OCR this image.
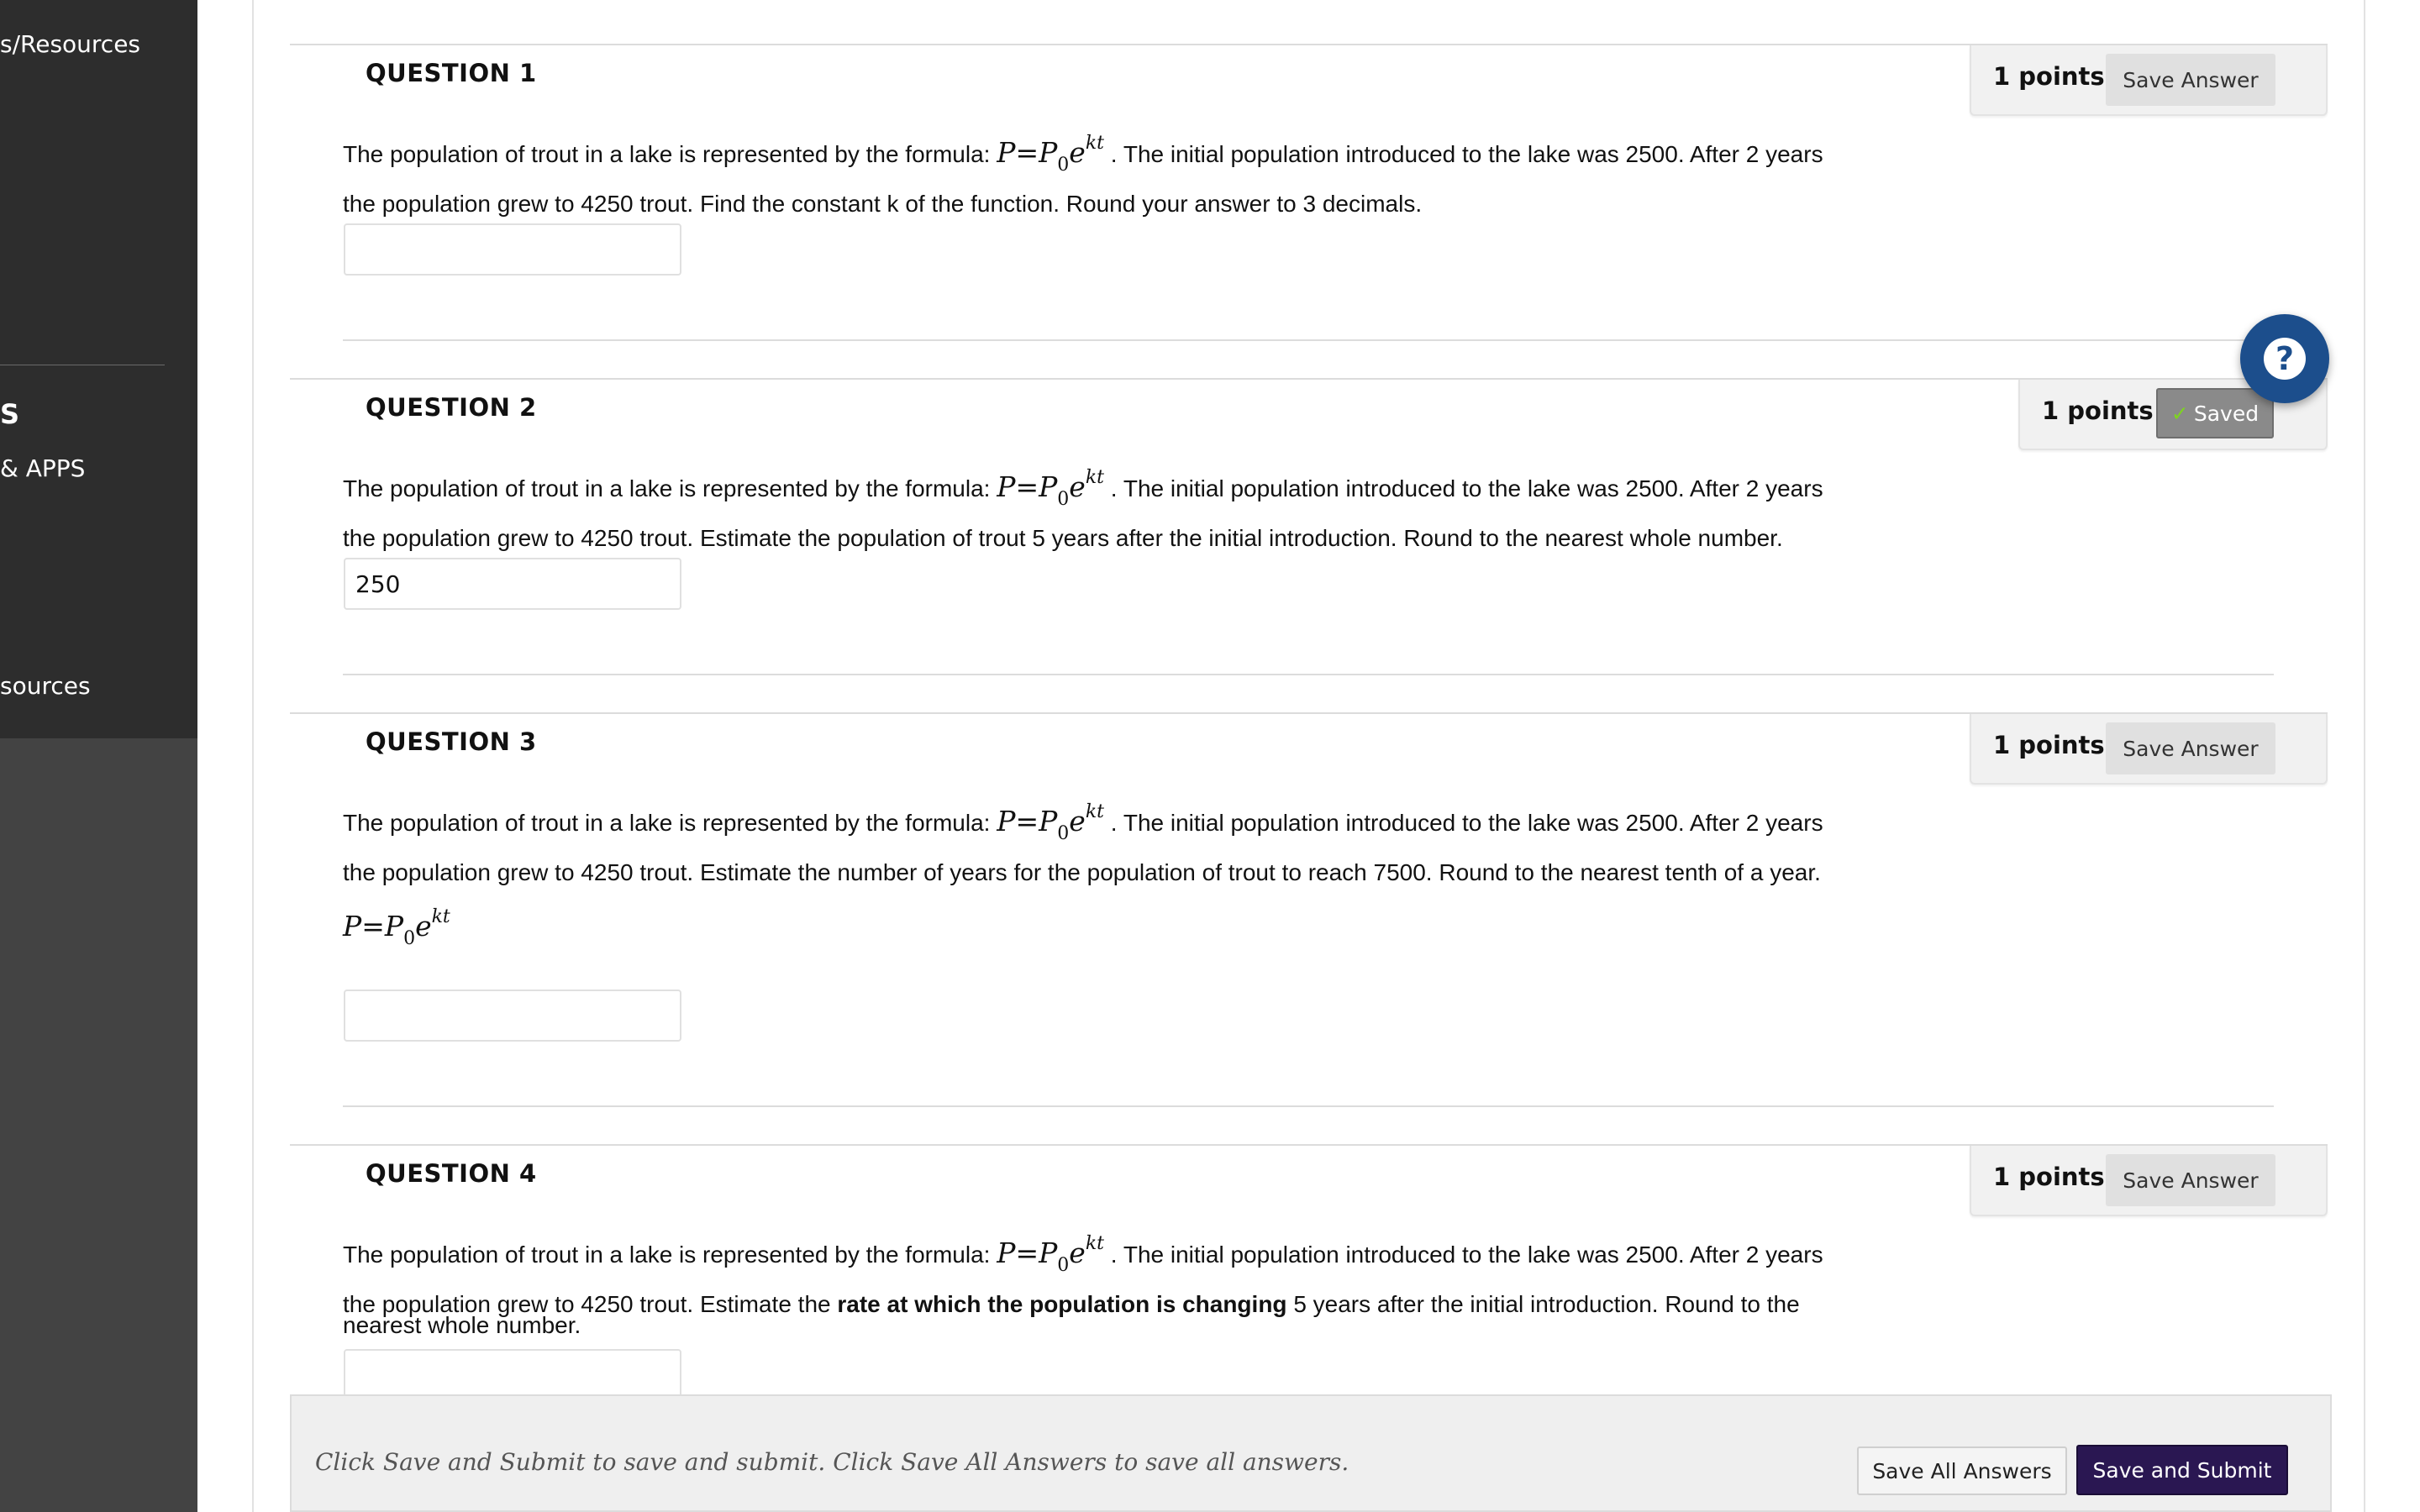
s/Resources
S
& APPS
sources
QUESTION 1	1 points Save Answer
The population of trout in a lake is represented by the formula: $P=P_0e^{kt}$ . The initial population introduced to the lake was 2500. After 2 years
the population grew to 4250 trout. Find the constant k of the function. Round your answer to 3 decimals.
QUESTION 2	1 points ✓ Saved
The population of trout in a lake is represented by the formula: $P=P_0e^{kt}$ . The initial population introduced to the lake was 2500. After 2 years
the population grew to 4250 trout. Estimate the population of trout 5 years after the initial introduction. Round to the nearest whole number.
250
QUESTION 3	1 points Save Answer
The population of trout in a lake is represented by the formula: $P=P_0e^{kt}$ . The initial population introduced to the lake was 2500. After 2 years
the population grew to 4250 trout. Estimate the number of years for the population of trout to reach 7500. Round to the nearest tenth of a year.
$P=P_0e^{kt}$
QUESTION 4	1 points Save Answer
The population of trout in a lake is represented by the formula: $P=P_0e^{kt}$ . The initial population introduced to the lake was 2500. After 2 years
the population grew to 4250 trout. Estimate the rate at which the population is changing 5 years after the initial introduction. Round to the
nearest whole number.
?
Click Save and Submit to save and submit. Click Save All Answers to save all answers.	Save All Answers	Save and Submit
